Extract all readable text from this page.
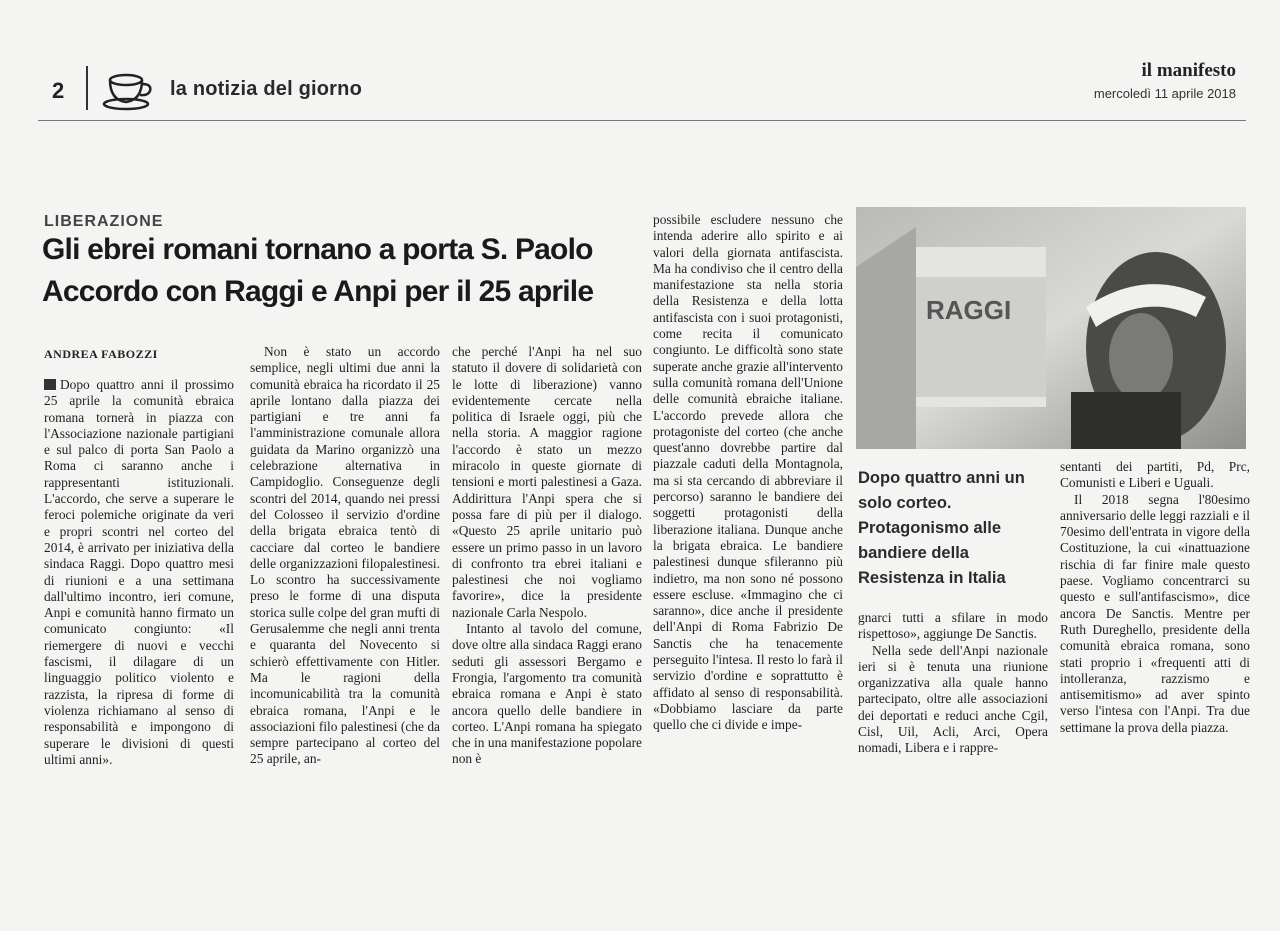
2	la notizia del giorno
il manifesto
mercoledì 11 aprile 2018
LIBERAZIONE
Gli ebrei romani tornano a porta S. Paolo
Accordo con Raggi e Anpi per il 25 aprile
ANDREA FABOZZI

Dopo quattro anni il prossimo 25 aprile la comunità ebraica romana tornerà in piazza con l'Associazione nazionale partigiani e sul palco di porta San Paolo a Roma ci saranno anche i rappresentanti istituzionali. L'accordo, che serve a superare le feroci polemiche originate da veri e propri scontri nel corteo del 2014, è arrivato per iniziativa della sindaca Raggi. Dopo quattro mesi di riunioni e a una settimana dall'ultimo incontro, ieri comune, Anpi e comunità hanno firmato un comunicato congiunto: «Il riemergere di nuovi e vecchi fascismi, il dilagare di un linguaggio politico violento e razzista, la ripresa di forme di violenza richiamano al senso di responsabilità e impongono di superare le divisioni di questi ultimi anni».

Non è stato un accordo semplice, negli ultimi due anni la comunità ebraica ha ricordato il 25 aprile lontano dalla piazza dei partigiani e tre anni fa l'amministrazione comunale allora guidata da Marino organizzò una celebrazione alternativa in Campidoglio. Conseguenze degli scontri del 2014, quando nei pressi del Colosseo il servizio d'ordine della brigata ebraica tentò di cacciare dal corteo le bandiere delle organizzazioni filopalestinesi. Lo scontro ha successivamente preso le forme di una disputa storica sulle colpe del gran mufti di Gerusalemme che negli anni trenta e quaranta del Novecento si schierò effettivamente con Hitler. Ma le ragioni della incomunicabilità tra la comunità ebraica romana, l'Anpi e le associazioni filo palestinesi (che da sempre partecipano al corteo del 25 aprile, an-

che perché l'Anpi ha nel suo statuto il dovere di solidarietà con le lotte di liberazione) vanno evidentemente cercate nella politica di Israele oggi, più che nella storia. A maggior ragione l'accordo è stato un mezzo miracolo in queste giornate di tensioni e morti palestinesi a Gaza. Addirittura l'Anpi spera che si possa fare di più per il dialogo. «Questo 25 aprile unitario può essere un primo passo in un lavoro di confronto tra ebrei italiani e palestinesi che noi vogliamo favorire», dice la presidente nazionale Carla Nespolo.

Intanto al tavolo del comune, dove oltre alla sindaca Raggi erano seduti gli assessori Bergamo e Frongia, l'argomento tra comunità ebraica romana e Anpi è stato ancora quello delle bandiere in corteo. L'Anpi romana ha spiegato che in una manifestazione popolare non è

possibile escludere nessuno che intenda aderire allo spirito e ai valori della giornata antifascista. Ma ha condiviso che il centro della manifestazione sta nella storia della Resistenza e della lotta antifascista con i suoi protagonisti, come recita il comunicato congiunto. Le difficoltà sono state superate anche grazie all'intervento sulla comunità romana dell'Unione delle comunità ebraiche italiane. L'accordo prevede allora che protagoniste del corteo (che anche quest'anno dovrebbe partire dal piazzale caduti della Montagnola, ma si sta cercando di abbreviare il percorso) saranno le bandiere dei soggetti protagonisti della liberazione italiana. Dunque anche la brigata ebraica. Le bandiere palestinesi dunque sfileranno più indietro, ma non sono né possono essere escluse. «Immagino che ci saranno», dice anche il presidente dell'Anpi di Roma Fabrizio De Sanctis che ha tenacemente perseguito l'intesa. Il resto lo farà il servizio d'ordine e soprattutto è affidato al senso di responsabilità. «Dobbiamo lasciare da parte quello che ci divide e impe-

RAGGI
Dopo quattro anni un solo corteo. Protagonismo alle bandiere della Resistenza in Italia

gnarci tutti a sfilare in modo rispettoso», aggiunge De Sanctis.

Nella sede dell'Anpi nazionale ieri si è tenuta una riunione organizzativa alla quale hanno partecipato, oltre alle associazioni dei deportati e reduci anche Cgil, Cisl, Uil, Acli, Arci, Opera nomadi, Libera e i rappre-

sentanti dei partiti, Pd, Prc, Comunisti e Liberi e Uguali.

Il 2018 segna l'80esimo anniversario delle leggi razziali e il 70esimo dell'entrata in vigore della Costituzione, la cui «inattuazione rischia di far finire male questo paese. Vogliamo concentrarci su questo e sull'antifascismo», dice ancora De Sanctis. Mentre per Ruth Dureghello, presidente della comunità ebraica romana, sono stati proprio i «frequenti atti di intolleranza, razzismo e antisemitismo» ad aver spinto verso l'intesa con l'Anpi. Tra due settimane la prova della piazza.
